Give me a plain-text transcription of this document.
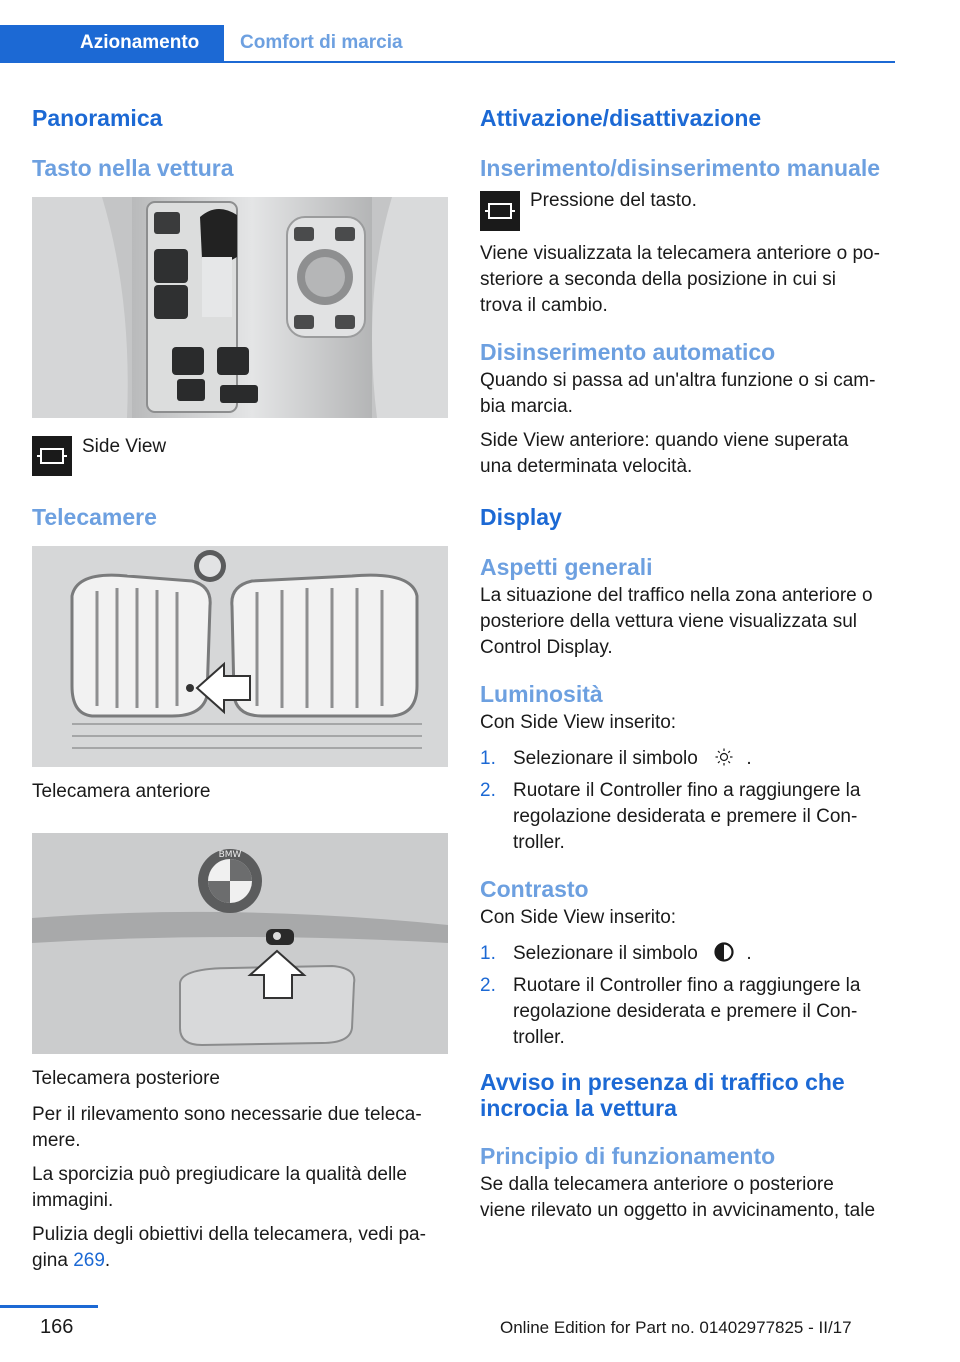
Azionamento	Comfort di marcia
Panoramica
Tasto nella vettura
Side View
Telecamere
Telecamera anteriore
BMW
Telecamera posteriore
Per il rilevamento sono necessarie due teleca‐
mere.
La sporcizia può pregiudicare la qualità delle
immagini.
Pulizia degli obiettivi della telecamera, vedi pa‐
gina 269.
Attivazione/disattivazione
Inserimento/disinserimento manuale
Pressione del tasto.
Viene visualizzata la telecamera anteriore o po‐
steriore a seconda della posizione in cui si
trova il cambio.
Disinserimento automatico
Quando si passa ad un'altra funzione o si cam‐
bia marcia.
Side View anteriore: quando viene superata
una determinata velocità.
Display
Aspetti generali
La situazione del traffico nella zona anteriore o
posteriore della vettura viene visualizzata sul
Control Display.
Luminosità
Con Side View inserito:
1. Selezionare il simbolo	.
2. Ruotare il Controller fino a raggiungere la
regolazione desiderata e premere il Con‐
troller.
Contrasto
Con Side View inserito:
1. Selezionare il simbolo	.
2. Ruotare il Controller fino a raggiungere la
regolazione desiderata e premere il Con‐
troller.
Avviso in presenza di traffico che
incrocia la vettura
Principio di funzionamento
Se dalla telecamera anteriore o posteriore
viene rilevato un oggetto in avvicinamento, tale
166	Online Edition for Part no. 01402977825 - II/17
